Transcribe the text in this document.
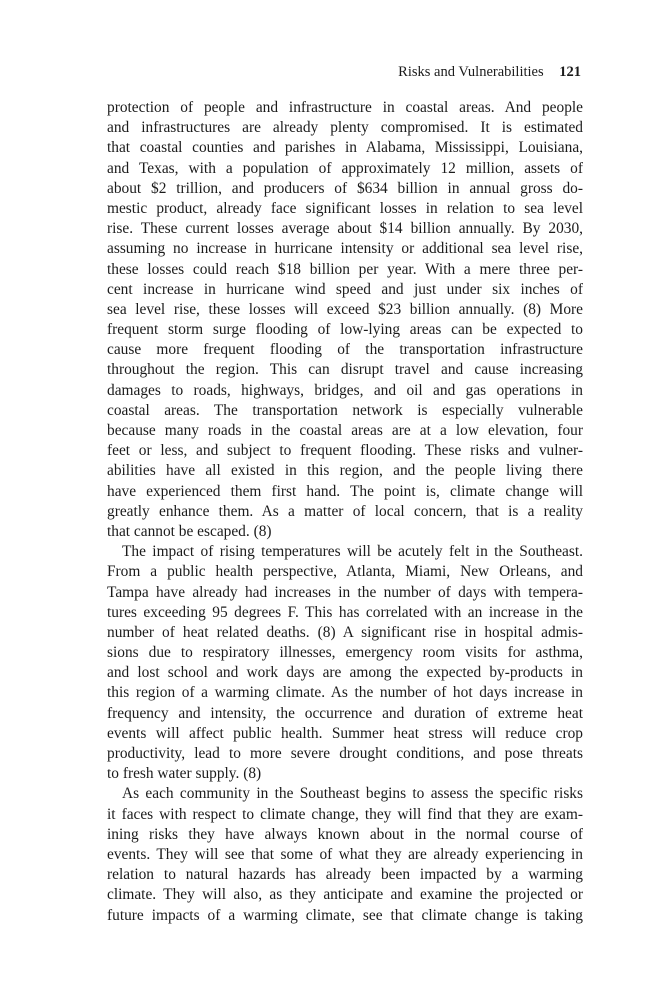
Risks and Vulnerabilities 121
protection of people and infrastructure in coastal areas. And people
and infrastructures are already plenty compromised. It is estimated
that coastal counties and parishes in Alabama, Mississippi, Louisiana,
and Texas, with a population of approximately 12 million, assets of
about $2 trillion, and producers of $634 billion in annual gross do-
mestic product, already face significant losses in relation to sea level
rise. These current losses average about $14 billion annually. By 2030,
assuming no increase in hurricane intensity or additional sea level rise,
these losses could reach $18 billion per year. With a mere three per-
cent increase in hurricane wind speed and just under six inches of
sea level rise, these losses will exceed $23 billion annually. (8) More
frequent storm surge flooding of low-lying areas can be expected to
cause more frequent flooding of the transportation infrastructure
throughout the region. This can disrupt travel and cause increasing
damages to roads, highways, bridges, and oil and gas operations in
coastal areas. The transportation network is especially vulnerable
because many roads in the coastal areas are at a low elevation, four
feet or less, and subject to frequent flooding. These risks and vulner-
abilities have all existed in this region, and the people living there
have experienced them first hand. The point is, climate change will
greatly enhance them. As a matter of local concern, that is a reality
that cannot be escaped. (8)
The impact of rising temperatures will be acutely felt in the Southeast.
From a public health perspective, Atlanta, Miami, New Orleans, and
Tampa have already had increases in the number of days with tempera-
tures exceeding 95 degrees F. This has correlated with an increase in the
number of heat related deaths. (8) A significant rise in hospital admis-
sions due to respiratory illnesses, emergency room visits for asthma,
and lost school and work days are among the expected by-products in
this region of a warming climate. As the number of hot days increase in
frequency and intensity, the occurrence and duration of extreme heat
events will affect public health. Summer heat stress will reduce crop
productivity, lead to more severe drought conditions, and pose threats
to fresh water supply. (8)
As each community in the Southeast begins to assess the specific risks
it faces with respect to climate change, they will find that they are exam-
ining risks they have always known about in the normal course of
events. They will see that some of what they are already experiencing in
relation to natural hazards has already been impacted by a warming
climate. They will also, as they anticipate and examine the projected or
future impacts of a warming climate, see that climate change is taking
